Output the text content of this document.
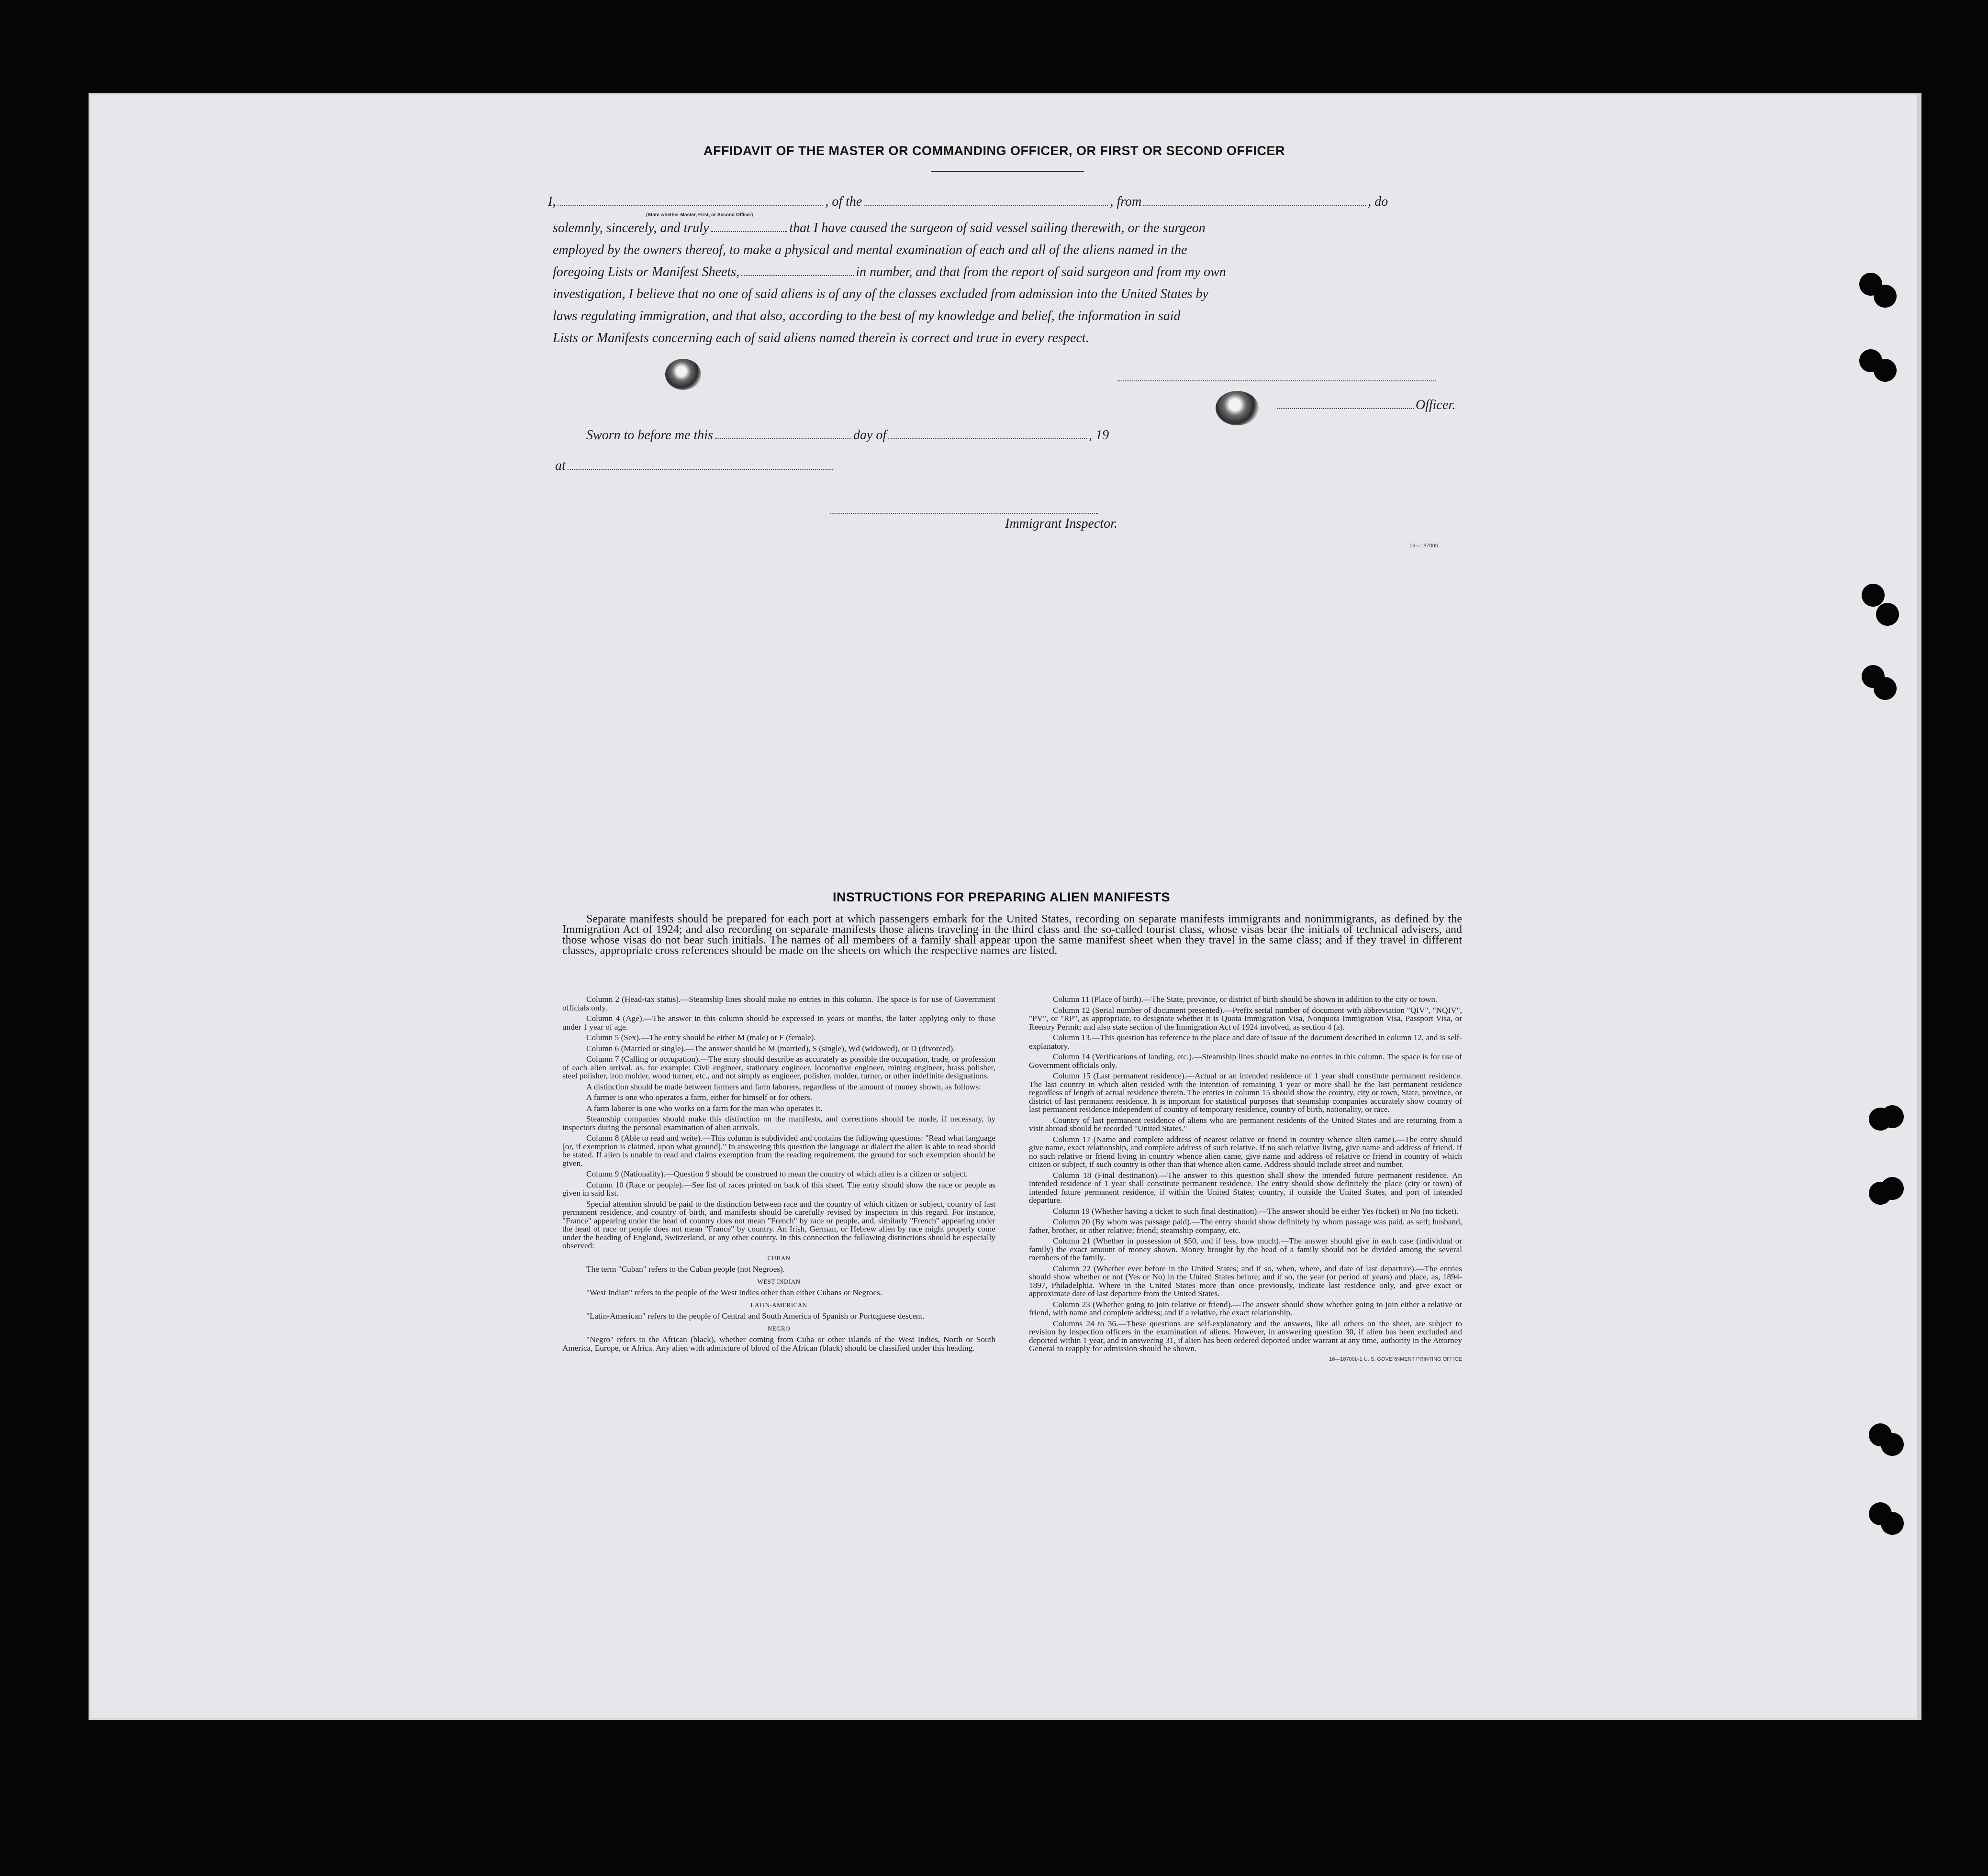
AFFIDAVIT OF THE MASTER OR COMMANDING OFFICER, OR FIRST OR SECOND OFFICER
I,	, of the	, from	, do
(State whether Master, First, or Second Officer)
solemnly, sincerely, and truly	that I have caused the surgeon of said vessel sailing therewith, or the surgeon
employed by the owners thereof, to make a physical and mental examination of each and all of the aliens named in the
foregoing Lists or Manifest Sheets,	in number, and that from the report of said surgeon and from my own
investigation, I believe that no one of said aliens is of any of the classes excluded from admission into the United States by
laws regulating immigration, and that also, according to the best of my knowledge and belief, the information in said
Lists or Manifests concerning each of said aliens named therein is correct and true in every respect.
Officer.
Sworn to before me this	day of	, 19
at
Immigrant Inspector.
16—18700b
INSTRUCTIONS FOR PREPARING ALIEN MANIFESTS

Separate manifests should be prepared for each port at which passengers embark for the United States, recording on separate manifests immigrants and nonimmigrants, as defined by the Immigration Act of 1924; and also recording on separate manifests those aliens traveling in the third class and the so-called tourist class, whose visas bear the initials of technical advisers, and those whose visas do not bear such initials. The names of all members of a family shall appear upon the same manifest sheet when they travel in the same class; and if they travel in different classes, appropriate cross references should be made on the sheets on which the respective names are listed.

Column 2 (Head-tax status).—Steamship lines should make no entries in this column. The space is for use of Government officials only.

Column 4 (Age).—The answer in this column should be expressed in years or months, the latter applying only to those under 1 year of age.

Column 5 (Sex).—The entry should be either M (male) or F (female).

Column 6 (Married or single).—The answer should be M (married), S (single), Wd (widowed), or D (divorced).

Column 7 (Calling or occupation).—The entry should describe as accurately as possible the occupation, trade, or profession of each alien arrival, as, for example: Civil engineer, stationary engineer, locomotive engineer, mining engineer, brass polisher, steel polisher, iron molder, wood turner, etc., and not simply as engineer, polisher, molder, turner, or other indefinite designations.

A distinction should be made between farmers and farm laborers, regardless of the amount of money shown, as follows:

A farmer is one who operates a farm, either for himself or for others.

A farm laborer is one who works on a farm for the man who operates it.

Steamship companies should make this distinction on the manifests, and corrections should be made, if necessary, by inspectors during the personal examination of alien arrivals.

Column 8 (Able to read and write).—This column is subdivided and contains the following questions: "Read what language [or, if exemption is claimed, upon what ground]." In answering this question the language or dialect the alien is able to read should be stated. If alien is unable to read and claims exemption from the reading requirement, the ground for such exemption should be given.

Column 9 (Nationality).—Question 9 should be construed to mean the country of which alien is a citizen or subject.

Column 10 (Race or people).—See list of races printed on back of this sheet. The entry should show the race or people as given in said list.

Special attention should be paid to the distinction between race and the country of which citizen or subject, country of last permanent residence, and country of birth, and manifests should be carefully revised by inspectors in this regard. For instance, "France" appearing under the head of country does not mean "French" by race or people, and, similarly "French" appearing under the head of race or people does not mean "France" by country. An Irish, German, or Hebrew alien by race might properly come under the heading of England, Switzerland, or any other country. In this connection the following distinctions should be especially observed:

CUBAN

The term "Cuban" refers to the Cuban people (not Negroes).

WEST INDIAN

"West Indian" refers to the people of the West Indies other than either Cubans or Negroes.

LATIN-AMERICAN

"Latin-American" refers to the people of Central and South America of Spanish or Portuguese descent.

NEGRO

"Negro" refers to the African (black), whether coming from Cuba or other islands of the West Indies, North or South America, Europe, or Africa. Any alien with admixture of blood of the African (black) should be classified under this heading.

Column 11 (Place of birth).—The State, province, or district of birth should be shown in addition to the city or town.

Column 12 (Serial number of document presented).—Prefix serial number of document with abbreviation "QIV", "NQIV", "PV", or "RP", as appropriate, to designate whether it is Quota Immigration Visa, Nonquota Immigration Visa, Passport Visa, or Reentry Permit; and also state section of the Immigration Act of 1924 involved, as section 4 (a).

Column 13.—This question has reference to the place and date of issue of the document described in column 12, and is self-explanatory.

Column 14 (Verifications of landing, etc.).—Steamship lines should make no entries in this column. The space is for use of Government officials only.

Column 15 (Last permanent residence).—Actual or an intended residence of 1 year shall constitute permanent residence. The last country in which alien resided with the intention of remaining 1 year or more shall be the last permanent residence regardless of length of actual residence therein. The entries in column 15 should show the country, city or town, State, province, or district of last permanent residence. It is important for statistical purposes that steamship companies accurately show country of last permanent residence independent of country of temporary residence, country of birth, nationality, or race.

Country of last permanent residence of aliens who are permanent residents of the United States and are returning from a visit abroad should be recorded "United States."

Column 17 (Name and complete address of nearest relative or friend in country whence alien came).—The entry should give name, exact relationship, and complete address of such relative. If no such relative living, give name and address of friend. If no such relative or friend living in country whence alien came, give name and address of relative or friend in country of which citizen or subject, if such country is other than that whence alien came. Address should include street and number.

Column 18 (Final destination).—The answer to this question shall show the intended future permanent residence. An intended residence of 1 year shall constitute permanent residence. The entry should show definitely the place (city or town) of intended future permanent residence, if within the United States; country, if outside the United States, and port of intended departure.

Column 19 (Whether having a ticket to such final destination).—The answer should be either Yes (ticket) or No (no ticket).

Column 20 (By whom was passage paid).—The entry should show definitely by whom passage was paid, as self; husband, father, brother, or other relative; friend; steamship company, etc.

Column 21 (Whether in possession of $50, and if less, how much).—The answer should give in each case (individual or family) the exact amount of money shown. Money brought by the head of a family should not be divided among the several members of the family.

Column 22 (Whether ever before in the United States; and if so, when, where, and date of last departure).—The entries should show whether or not (Yes or No) in the United States before; and if so, the year (or period of years) and place, as, 1894-1897, Philadelphia. Where in the United States more than once previously, indicate last residence only, and give exact or approximate date of last departure from the United States.

Column 23 (Whether going to join relative or friend).—The answer should show whether going to join either a relative or friend, with name and complete address; and if a relative, the exact relationship.

Columns 24 to 36.—These questions are self-explanatory and the answers, like all others on the sheet, are subject to revision by inspection officers in the examination of aliens. However, in answering question 30, if alien has been excluded and deported within 1 year, and in answering 31, if alien has been ordered deported under warrant at any time, authority in the Attorney General to reapply for admission should be shown.

16—18700b-1 U. S. GOVERNMENT PRINTING OFFICE
